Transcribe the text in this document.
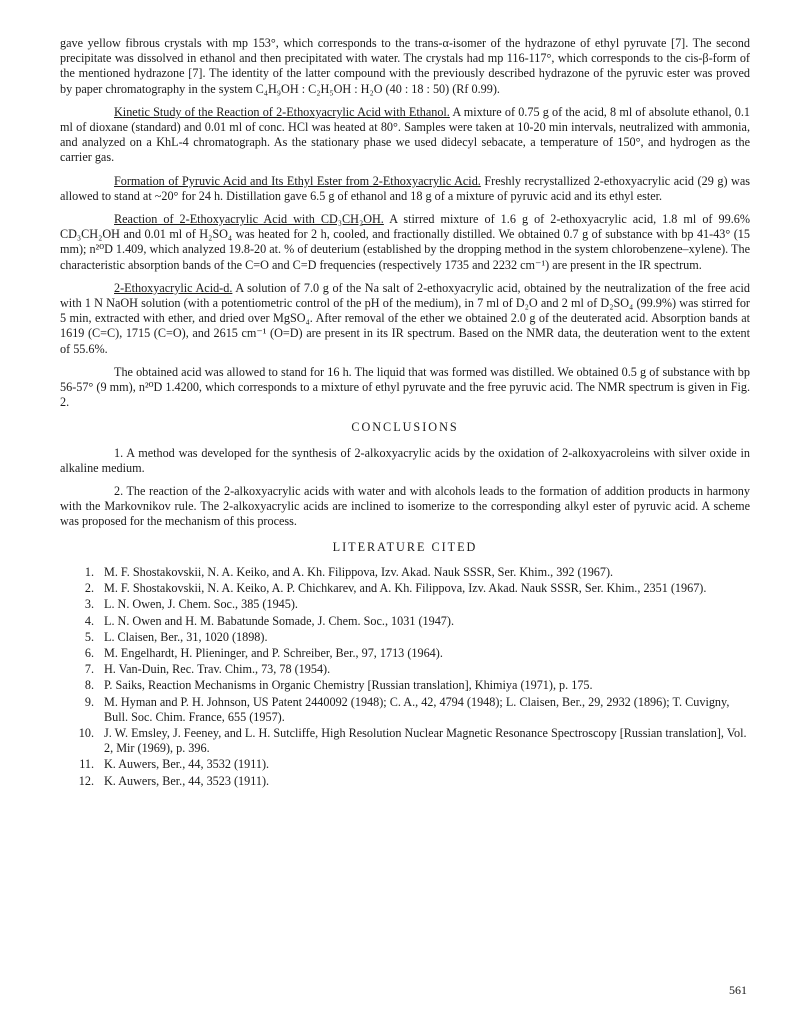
gave yellow fibrous crystals with mp 153°, which corresponds to the trans-α-isomer of the hydrazone of ethyl pyruvate [7]. The second precipitate was dissolved in ethanol and then precipitated with water. The crystals had mp 116-117°, which corresponds to the cis-β-form of the mentioned hydrazone [7]. The identity of the latter compound with the previously described hydrazone of the pyruvic ester was proved by paper chromatography in the system C₄H₉OH : C₂H₅OH : H₂O (40 : 18 : 50) (Rf 0.99).

Kinetic Study of the Reaction of 2-Ethoxyacrylic Acid with Ethanol. A mixture of 0.75 g of the acid, 8 ml of absolute ethanol, 0.1 ml of dioxane (standard) and 0.01 ml of conc. HCl was heated at 80°. Samples were taken at 10-20 min intervals, neutralized with ammonia, and analyzed on a KhL-4 chromatograph. As the stationary phase we used didecyl sebacate, a temperature of 150°, and hydrogen as the carrier gas.

Formation of Pyruvic Acid and Its Ethyl Ester from 2-Ethoxyacrylic Acid. Freshly recrystallized 2-ethoxyacrylic acid (29 g) was allowed to stand at ~20° for 24 h. Distillation gave 6.5 g of ethanol and 18 g of a mixture of pyruvic acid and its ethyl ester.

Reaction of 2-Ethoxyacrylic Acid with CD₃CH₂OH. A stirred mixture of 1.6 g of 2-ethoxyacrylic acid, 1.8 ml of 99.6% CD₃CH₂OH and 0.01 ml of H₂SO₄ was heated for 2 h, cooled, and fractionally distilled. We obtained 0.7 g of substance with bp 41-43° (15 mm); n²⁰D 1.409, which analyzed 19.8-20 at. % of deuterium (established by the dropping method in the system chlorobenzene–xylene). The characteristic absorption bands of the C=O and C=D frequencies (respectively 1735 and 2232 cm⁻¹) are present in the IR spectrum.

2-Ethoxyacrylic Acid-d. A solution of 7.0 g of the Na salt of 2-ethoxyacrylic acid, obtained by the neutralization of the free acid with 1 N NaOH solution (with a potentiometric control of the pH of the medium), in 7 ml of D₂O and 2 ml of D₂SO₄ (99.9%) was stirred for 5 min, extracted with ether, and dried over MgSO₄. After removal of the ether we obtained 2.0 g of the deuterated acid. Absorption bands at 1619 (C=C), 1715 (C=O), and 2615 cm⁻¹ (O=D) are present in its IR spectrum. Based on the NMR data, the deuteration went to the extent of 55.6%.

The obtained acid was allowed to stand for 16 h. The liquid that was formed was distilled. We obtained 0.5 g of substance with bp 56-57° (9 mm), n²⁰D 1.4200, which corresponds to a mixture of ethyl pyruvate and the free pyruvic acid. The NMR spectrum is given in Fig. 2.

CONCLUSIONS

1. A method was developed for the synthesis of 2-alkoxyacrylic acids by the oxidation of 2-alkoxyacroleins with silver oxide in alkaline medium.

2. The reaction of the 2-alkoxyacrylic acids with water and with alcohols leads to the formation of addition products in harmony with the Markovnikov rule. The 2-alkoxyacrylic acids are inclined to isomerize to the corresponding alkyl ester of pyruvic acid. A scheme was proposed for the mechanism of this process.

LITERATURE CITED
1. M. F. Shostakovskii, N. A. Keiko, and A. Kh. Filippova, Izv. Akad. Nauk SSSR, Ser. Khim., 392 (1967).
2. M. F. Shostakovskii, N. A. Keiko, A. P. Chichkarev, and A. Kh. Filippova, Izv. Akad. Nauk SSSR, Ser. Khim., 2351 (1967).
3. L. N. Owen, J. Chem. Soc., 385 (1945).
4. L. N. Owen and H. M. Babatunde Somade, J. Chem. Soc., 1031 (1947).
5. L. Claisen, Ber., 31, 1020 (1898).
6. M. Engelhardt, H. Plieninger, and P. Schreiber, Ber., 97, 1713 (1964).
7. H. Van-Duin, Rec. Trav. Chim., 73, 78 (1954).
8. P. Saiks, Reaction Mechanisms in Organic Chemistry [Russian translation], Khimiya (1971), p. 175.
9. M. Hyman and P. H. Johnson, US Patent 2440092 (1948); C. A., 42, 4794 (1948); L. Claisen, Ber., 29, 2932 (1896); T. Cuvigny, Bull. Soc. Chim. France, 655 (1957).
10. J. W. Emsley, J. Feeney, and L. H. Sutcliffe, High Resolution Nuclear Magnetic Resonance Spectroscopy [Russian translation], Vol. 2, Mir (1969), p. 396.
11. K. Auwers, Ber., 44, 3532 (1911).
12. K. Auwers, Ber., 44, 3523 (1911).
561
